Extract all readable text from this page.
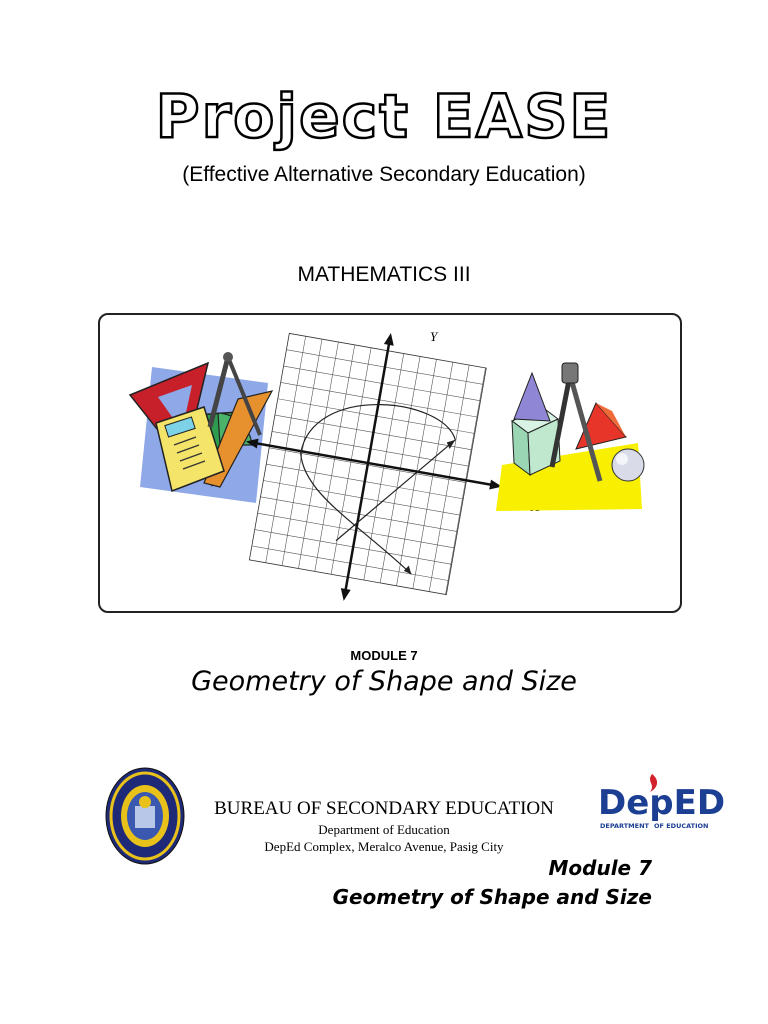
Project EASE
(Effective Alternative Secondary Education)
MATHEMATICS III
Y
MODULE 7
Geometry of Shape and Size
BUREAU OF SECONDARY EDUCATION
Department of Education
DepEd Complex, Meralco Avenue, Pasig City
DepED
DEPARTMENT OF EDUCATION
Module 7
Geometry of Shape and Size
